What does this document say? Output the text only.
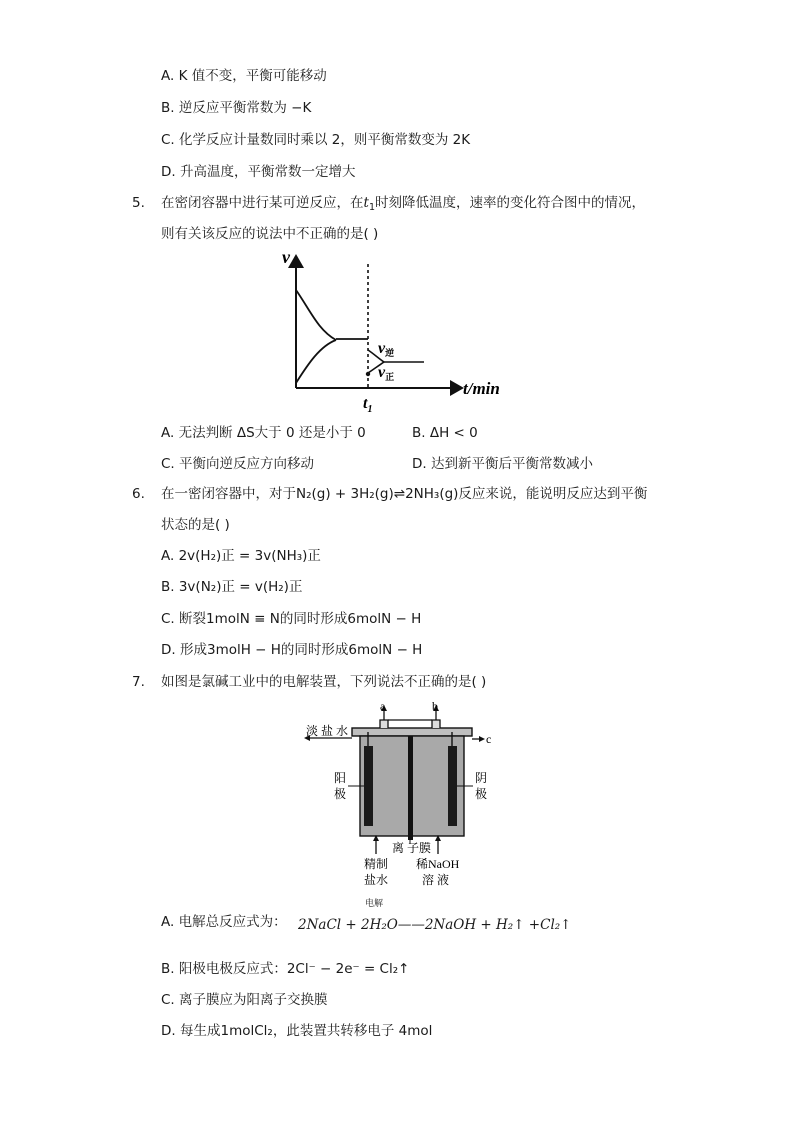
A. K 值不变，平衡可能移动
B. 逆反应平衡常数为 −K
C. 化学反应计量数同时乘以 2，则平衡常数变为 2K
D. 升高温度，平衡常数一定增大
5. 在密闭容器中进行某可逆反应，在$t_1$时刻降低温度，速率的变化符合图中的情况，
则有关该反应的说法中不正确的是( )
v
t/min
$t_1$
v逆
v正
A. 无法判断 ΔS大于 0 还是小于 0	B. ΔH < 0
C. 平衡向逆反应方向移动	D. 达到新平衡后平衡常数减小
6. 在一密闭容器中，对于N₂(g) + 3H₂(g)⇌2NH₃(g)反应来说，能说明反应达到平衡
状态的是( )
A. 2v(H₂)正 = 3v(NH₃)正
B. 3v(N₂)正 = v(H₂)正
C. 断裂1molN ≡ N的同时形成6molN − H
D. 形成3molH − H的同时形成6molN − H
7. 如图是氯碱工业中的电解装置，下列说法不正确的是( )
a	b
c
淡 盐 水
阳
极
阴
极
离 子膜
精制
盐水
稀NaOH
溶 液
A. 电解总反应式为：
电解
2NaCl + 2H₂O——2NaOH + H₂↑ +Cl₂↑
B. 阳极电极反应式：2Cl⁻ − 2e⁻ = Cl₂↑
C. 离子膜应为阳离子交换膜
D. 每生成1molCl₂，此装置共转移电子 4mol
